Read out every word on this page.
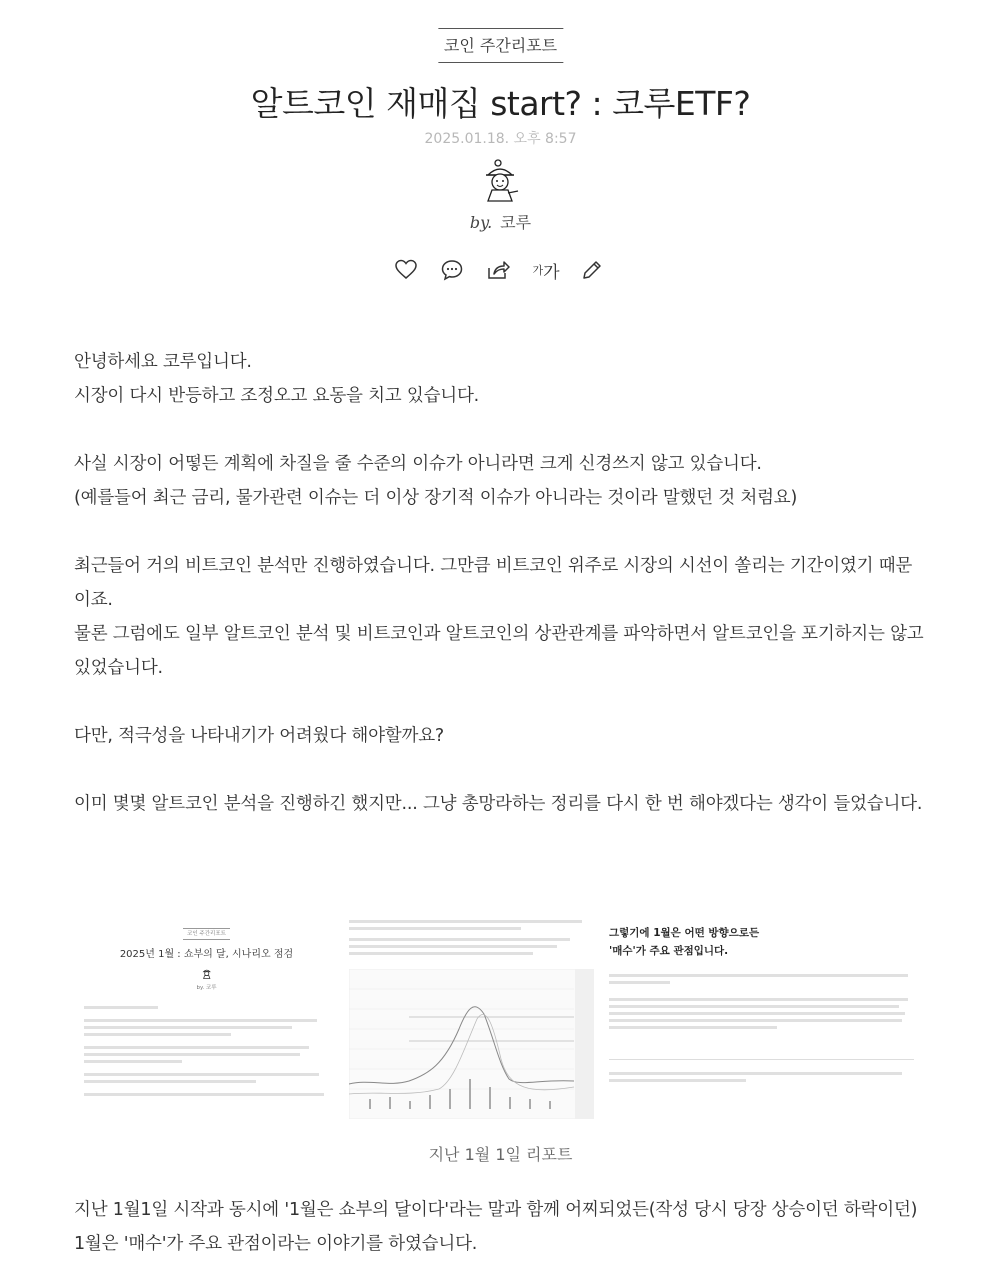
코인 주간리포트
알트코인 재매집 start? : 코루ETF?
2025.01.18. 오후 8:57
by. 코루
가 가

안녕하세요 코루입니다.

시장이 다시 반등하고 조정오고 요동을 치고 있습니다.

사실 시장이 어떻든 계획에 차질을 줄 수준의 이슈가 아니라면 크게 신경쓰지 않고 있습니다.

(예를들어 최근 금리, 물가관련 이슈는 더 이상 장기적 이슈가 아니라는 것이라 말했던 것 처럼요)

최근들어 거의 비트코인 분석만 진행하였습니다. 그만큼 비트코인 위주로 시장의 시선이 쏠리는 기간이였기 때문이죠.

물론 그럼에도 일부 알트코인 분석 및 비트코인과 알트코인의 상관관계를 파악하면서 알트코인을 포기하지는 않고 있었습니다.

다만, 적극성을 나타내기가 어려웠다 해야할까요?

이미 몇몇 알트코인 분석을 진행하긴 했지만... 그냥 총망라하는 정리를 다시 한 번 해야겠다는 생각이 들었습니다.

코인 주간리포트
2025년 1월 : 쇼부의 달, 시나리오 점검
by. 코루
그렇기에 1월은 어떤 방향으로든
'매수'가 주요 관점입니다.
지난 1월 1일 리포트

지난 1월1일 시작과 동시에 '1월은 쇼부의 달이다'라는 말과 함께 어찌되었든(작성 당시 당장 상승이던 하락이던) 1월은 '매수'가 주요 관점이라는 이야기를 하였습니다.
